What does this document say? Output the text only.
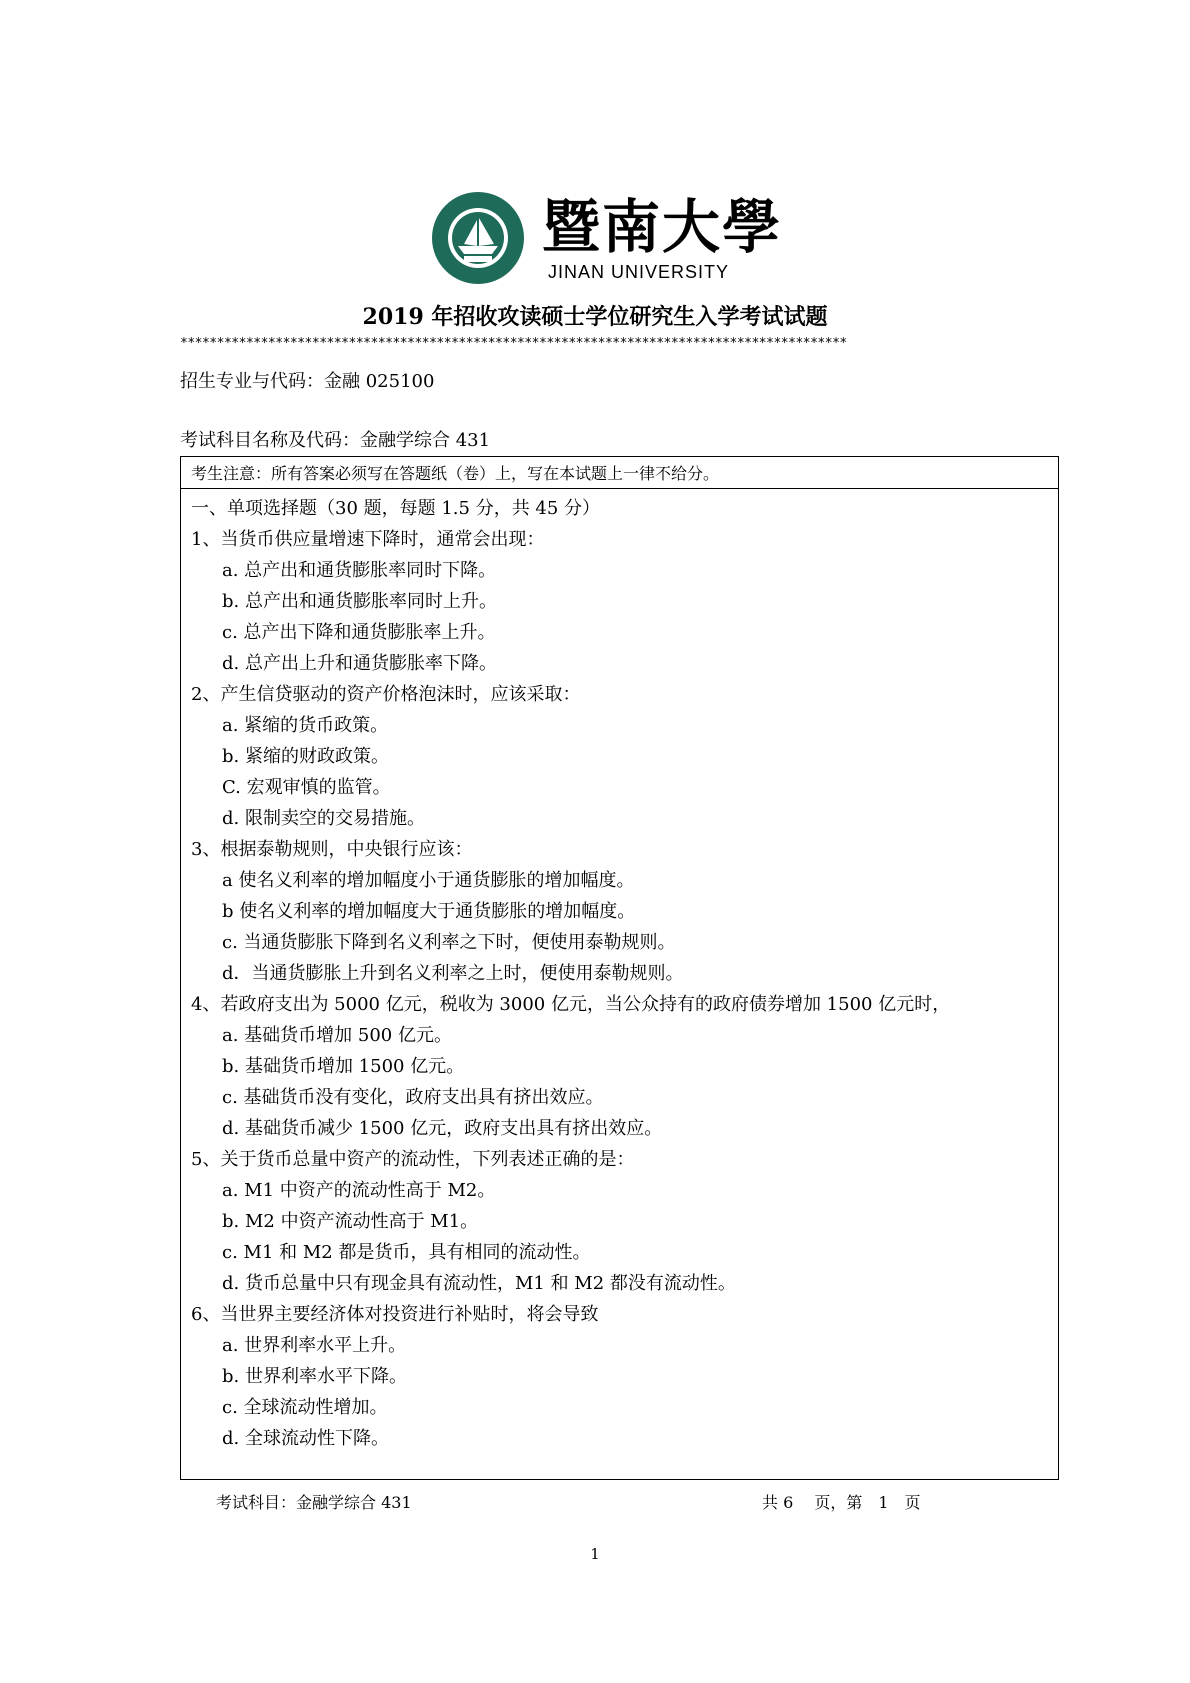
暨南大學
JINAN UNIVERSITY
2019 年招收攻读硕士学位研究生入学考试试题
*******************************************************************************************
招生专业与代码：金融 025100
考试科目名称及代码：金融学综合 431
考生注意：所有答案必须写在答题纸（卷）上，写在本试题上一律不给分。
一、单项选择题（30 题，每题 1.5 分，共 45 分）
1、当货币供应量增速下降时，通常会出现：
a. 总产出和通货膨胀率同时下降。
b. 总产出和通货膨胀率同时上升。
c. 总产出下降和通货膨胀率上升。
d. 总产出上升和通货膨胀率下降。
2、产生信贷驱动的资产价格泡沫时，应该采取：
a. 紧缩的货币政策。
b. 紧缩的财政政策。
C. 宏观审慎的监管。
d. 限制卖空的交易措施。
3、根据泰勒规则，中央银行应该：
a 使名义利率的增加幅度小于通货膨胀的增加幅度。
b 使名义利率的增加幅度大于通货膨胀的增加幅度。
c. 当通货膨胀下降到名义利率之下时，便使用泰勒规则。
d．当通货膨胀上升到名义利率之上时，便使用泰勒规则。
4、若政府支出为 5000 亿元，税收为 3000 亿元，当公众持有的政府债券增加 1500 亿元时，
a. 基础货币增加 500 亿元。
b. 基础货币增加 1500 亿元。
c. 基础货币没有变化，政府支出具有挤出效应。
d. 基础货币减少 1500 亿元，政府支出具有挤出效应。
5、关于货币总量中资产的流动性，下列表述正确的是：
a. M1 中资产的流动性高于 M2。
b. M2 中资产流动性高于 M1。
c. M1 和 M2 都是货币，具有相同的流动性。
d. 货币总量中只有现金具有流动性，M1 和 M2 都没有流动性。
6、当世界主要经济体对投资进行补贴时，将会导致
a. 世界利率水平上升。
b. 世界利率水平下降。
c. 全球流动性增加。
d. 全球流动性下降。
考试科目：金融学综合 431	共 6　 页，第　1　页
1
